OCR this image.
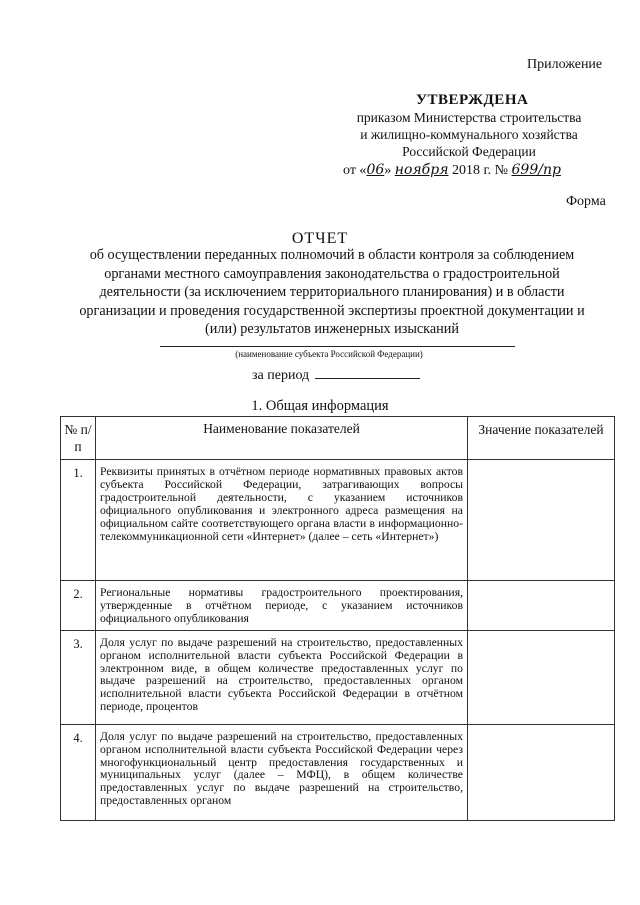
Приложение
УТВЕРЖДЕНА
приказом Министерства строительства
и жилищно-коммунального хозяйства
Российской Федерации
от «06» ноября 2018 г. № 699/пр
Форма
ОТЧЕТ
об осуществлении переданных полномочий в области контроля за соблюдением органами местного самоуправления законодательства о градостроительной деятельности (за исключением территориального планирования) и в области организации и проведения государственной экспертизы проектной документации и (или) результатов инженерных изысканий
(наименование субъекта Российской Федерации)
за период
1. Общая информация
№ п/п	Наименование показателей	Значение показателей
1.	Реквизиты принятых в отчётном периоде нормативных правовых актов субъекта Российской Федерации, затрагивающих вопросы градостроительной деятельности, с указанием источников официального опубликования и электронного адреса размещения на официальном сайте соответствующего органа власти в информационно-телекоммуникационной сети «Интернет» (далее – сеть «Интернет»)	
2.	Региональные нормативы градостроительного проектирования, утвержденные в отчётном периоде, с указанием источников официального опубликования	
3.	Доля услуг по выдаче разрешений на строительство, предоставленных органом исполнительной власти субъекта Российской Федерации в электронном виде, в общем количестве предоставленных услуг по выдаче разрешений на строительство, предоставленных органом исполнительной власти субъекта Российской Федерации в отчётном периоде, процентов	
4.	Доля услуг по выдаче разрешений на строительство, предоставленных органом исполнительной власти субъекта Российской Федерации через многофункциональный центр предоставления государственных и муниципальных услуг (далее – МФЦ), в общем количестве предоставленных услуг по выдаче разрешений на строительство, предоставленных органом	
